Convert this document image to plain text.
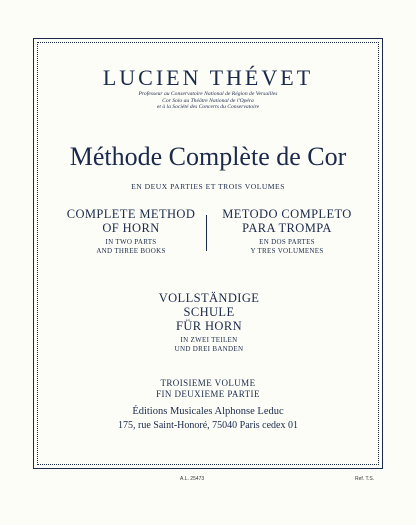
LUCIEN THÉVET
Professeur au Conservatoire National de Région de Versailles
Cor Solo au Théâtre National de l'Opéra
et à la Société des Concerts du Conservatoire
Méthode Complète de Cor
EN DEUX PARTIES ET TROIS VOLUMES
COMPLETE METHOD
OF HORN
IN TWO PARTS
AND THREE BOOKS
METODO COMPLETO
PARA TROMPA
EN DOS PARTES
Y TRES VOLUMENES
VOLLSTÄNDIGE SCHULE
FÜR HORN
IN ZWEI TEILEN
UND DREI BANDEN
TROISIEME VOLUME
FIN DEUXIEME PARTIE
Éditions Musicales Alphonse Leduc
175, rue Saint-Honoré, 75040 Paris cedex 01
A.L. 25473	Ref. T.S.
